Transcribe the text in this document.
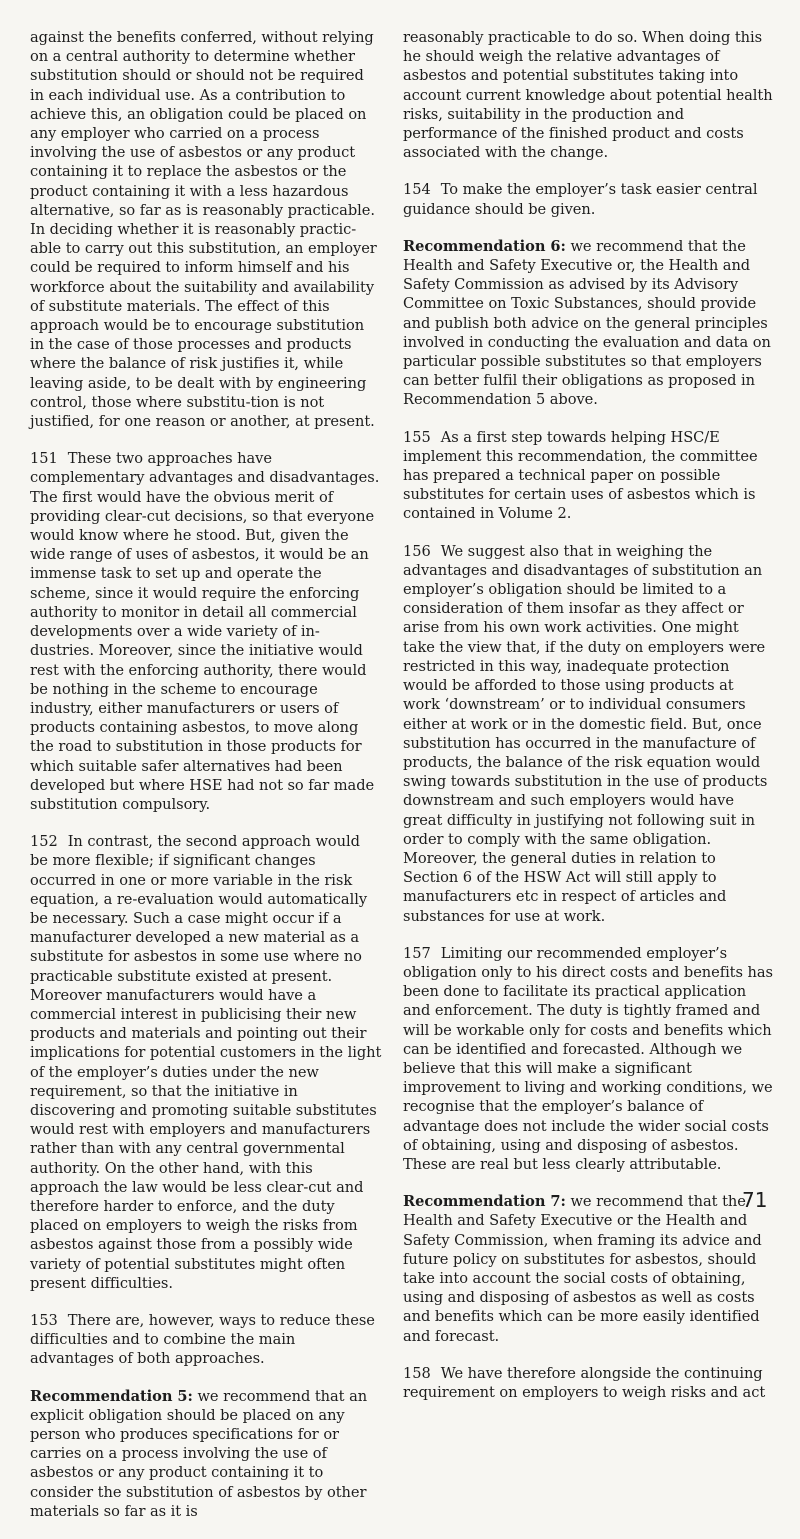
against the benefits conferred, without relying on a central authority to determine whether substitution should or should not be required in each individual use. As a contribution to achieve this, an obligation could be placed on any employer who carried on a process involving the use of asbestos or any product containing it to replace the asbestos or the product containing it with a less hazardous alternative, so far as is reasonably practicable. In deciding whether it is reasonably practic-able to carry out this substitution, an employer could be required to inform himself and his workforce about the suitability and availability of substitute materials. The effect of this approach would be to encourage substitution in the case of those processes and products where the balance of risk justifies it, while leaving aside, to be dealt with by engineering control, those where substitu-tion is not justified, for one reason or another, at present.

151 These two approaches have complementary advantages and disadvantages. The first would have the obvious merit of providing clear-cut decisions, so that everyone would know where he stood. But, given the wide range of uses of asbestos, it would be an immense task to set up and operate the scheme, since it would require the enforcing authority to monitor in detail all commercial developments over a wide variety of in-dustries. Moreover, since the initiative would rest with the enforcing authority, there would be nothing in the scheme to encourage industry, either manufacturers or users of products containing asbestos, to move along the road to substitution in those products for which suitable safer alternatives had been developed but where HSE had not so far made substitution compulsory.

152 In contrast, the second approach would be more flexible; if significant changes occurred in one or more variable in the risk equation, a re-evaluation would automatically be necessary. Such a case might occur if a manufacturer developed a new material as a substitute for asbestos in some use where no practicable substitute existed at present. Moreover manufacturers would have a commercial interest in publicising their new products and materials and pointing out their implications for potential customers in the light of the employer’s duties under the new requirement, so that the initiative in discovering and promoting suitable substitutes would rest with employers and manufacturers rather than with any central governmental authority. On the other hand, with this approach the law would be less clear-cut and therefore harder to enforce, and the duty placed on employers to weigh the risks from asbestos against those from a possibly wide variety of potential substitutes might often present difficulties.

153 There are, however, ways to reduce these difficulties and to combine the main advantages of both approaches.

Recommendation 5: we recommend that an explicit obligation should be placed on any person who produces specifications for or carries on a process involving the use of asbestos or any product containing it to consider the substitution of asbestos by other materials so far as it is

reasonably practicable to do so. When doing this he should weigh the relative advantages of asbestos and potential substitutes taking into account current knowledge about potential health risks, suitability in the production and performance of the finished product and costs associated with the change.

154 To make the employer’s task easier central guidance should be given.

Recommendation 6: we recommend that the Health and Safety Executive or, the Health and Safety Commission as advised by its Advisory Committee on Toxic Substances, should provide and publish both advice on the general principles involved in conducting the evaluation and data on particular possible substitutes so that employers can better fulfil their obligations as proposed in Recommendation 5 above.

155 As a first step towards helping HSC/E implement this recommendation, the committee has prepared a technical paper on possible substitutes for certain uses of asbestos which is contained in Volume 2.

156 We suggest also that in weighing the advantages and disadvantages of substitution an employer’s obligation should be limited to a consideration of them insofar as they affect or arise from his own work activities. One might take the view that, if the duty on employers were restricted in this way, inadequate protection would be afforded to those using products at work ‘downstream’ or to individual consumers either at work or in the domestic field. But, once substitution has occurred in the manufacture of products, the balance of the risk equation would swing towards substitution in the use of products downstream and such employers would have great difficulty in justifying not following suit in order to comply with the same obligation. Moreover, the general duties in relation to Section 6 of the HSW Act will still apply to manufacturers etc in respect of articles and substances for use at work.

157 Limiting our recommended employer’s obligation only to his direct costs and benefits has been done to facilitate its practical application and enforcement. The duty is tightly framed and will be workable only for costs and benefits which can be identified and forecasted. Although we believe that this will make a significant improvement to living and working conditions, we recognise that the employer’s balance of advantage does not include the wider social costs of obtaining, using and disposing of asbestos. These are real but less clearly attributable.

Recommendation 7: we recommend that the Health and Safety Executive or the Health and Safety Commission, when framing its advice and future policy on substitutes for asbestos, should take into account the social costs of obtaining, using and disposing of asbestos as well as costs and benefits which can be more easily identified and forecast.

158 We have therefore alongside the continuing requirement on employers to weigh risks and act

71
